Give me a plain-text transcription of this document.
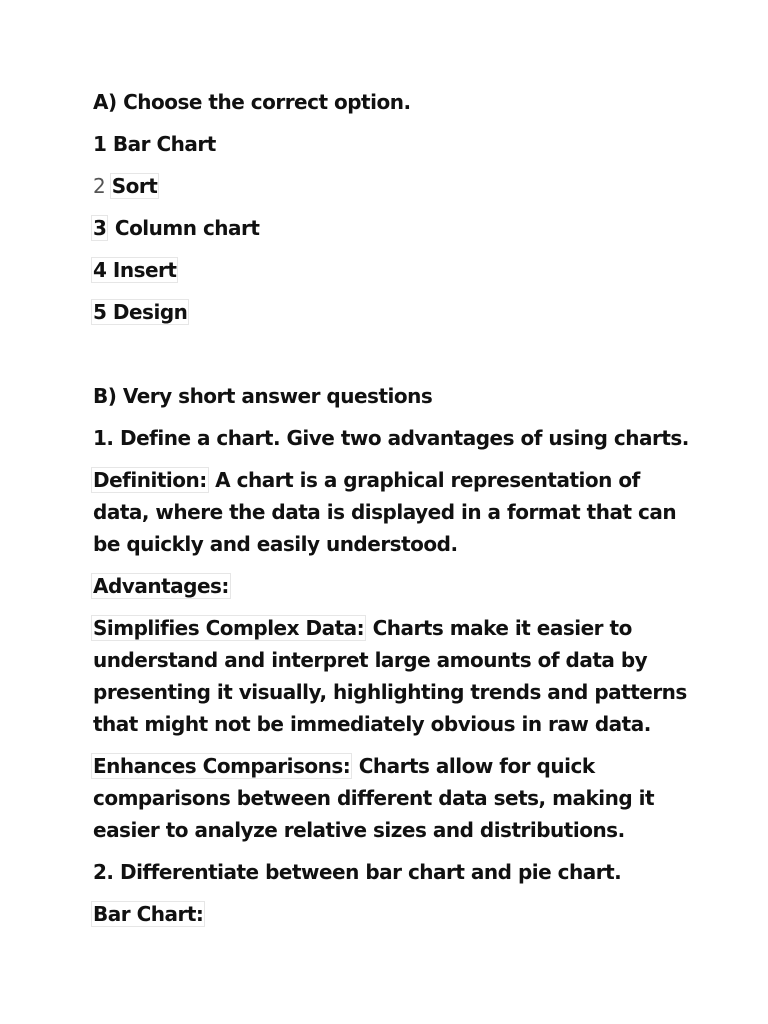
A) Choose the correct option.
1 Bar Chart
2 Sort
3 Column chart
4 Insert
5 Design
B) Very short answer questions
1. Define a chart. Give two advantages of using charts.
Definition: A chart is a graphical representation of data, where the data is displayed in a format that can be quickly and easily understood.
Advantages:
Simplifies Complex Data: Charts make it easier to understand and interpret large amounts of data by presenting it visually, highlighting trends and patterns that might not be immediately obvious in raw data.
Enhances Comparisons: Charts allow for quick comparisons between different data sets, making it easier to analyze relative sizes and distributions.
2. Differentiate between bar chart and pie chart.
Bar Chart:
